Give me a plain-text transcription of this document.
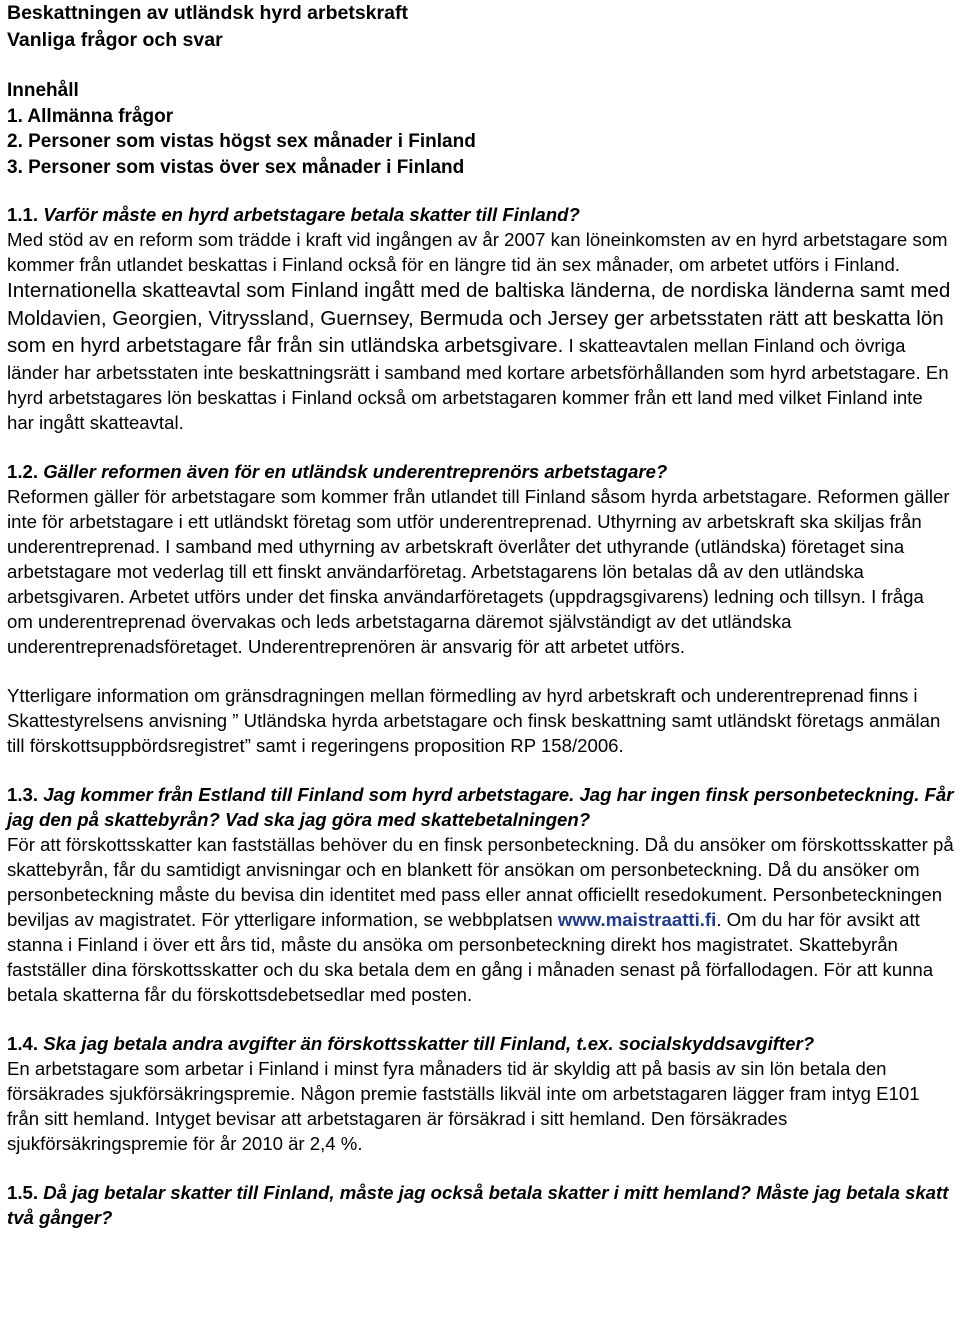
Beskattningen av utländsk hyrd arbetskraft
Vanliga frågor och svar
Innehåll
1. Allmänna frågor
2. Personer som vistas högst sex månader i Finland
3. Personer som vistas över sex månader i Finland

1.1. Varför måste en hyrd arbetstagare betala skatter till Finland?

Med stöd av en reform som trädde i kraft vid ingången av år 2007 kan löneinkomsten av en hyrd arbetstagare som kommer från utlandet beskattas i Finland också för en längre tid än sex månader, om arbetet utförs i Finland. Internationella skatteavtal som Finland ingått med de baltiska länderna, de nordiska länderna samt med Moldavien, Georgien, Vitryssland, Guernsey, Bermuda och Jersey ger arbetsstaten rätt att beskatta lön som en hyrd arbetstagare får från sin utländska arbetsgivare. I skatteavtalen mellan Finland och övriga länder har arbetsstaten inte beskattningsrätt i samband med kortare arbetsförhållanden som hyrd arbetstagare. En hyrd arbetstagares lön beskattas i Finland också om arbetstagaren kommer från ett land med vilket Finland inte har ingått skatteavtal.

1.2. Gäller reformen även för en utländsk underentreprenörs arbetstagare?

Reformen gäller för arbetstagare som kommer från utlandet till Finland såsom hyrda arbetstagare. Reformen gäller inte för arbetstagare i ett utländskt företag som utför underentreprenad. Uthyrning av arbetskraft ska skiljas från underentreprenad. I samband med uthyrning av arbetskraft överlåter det uthyrande (utländska) företaget sina arbetstagare mot vederlag till ett finskt användarföretag. Arbetstagarens lön betalas då av den utländska arbetsgivaren. Arbetet utförs under det finska användarföretagets (uppdragsgivarens) ledning och tillsyn. I fråga om underentreprenad övervakas och leds arbetstagarna däremot självständigt av det utländska underentreprenadsföretaget. Underentreprenören är ansvarig för att arbetet utförs.

Ytterligare information om gränsdragningen mellan förmedling av hyrd arbetskraft och underentreprenad finns i Skattestyrelsens anvisning ” Utländska hyrda arbetstagare och finsk beskattning samt utländskt företags anmälan till förskottsuppbördsregistret” samt i regeringens proposition RP 158/2006.

1.3. Jag kommer från Estland till Finland som hyrd arbetstagare. Jag har ingen finsk personbeteckning. Får jag den på skattebyrån? Vad ska jag göra med skattebetalningen?

För att förskottsskatter kan fastställas behöver du en finsk personbeteckning. Då du ansöker om förskottsskatter på skattebyrån, får du samtidigt anvisningar och en blankett för ansökan om personbeteckning. Då du ansöker om personbeteckning måste du bevisa din identitet med pass eller annat officiellt resedokument. Personbeteckningen beviljas av magistratet. För ytterligare information, se webbplatsen www.maistraatti.fi. Om du har för avsikt att stanna i Finland i över ett års tid, måste du ansöka om personbeteckning direkt hos magistratet. Skattebyrån fastställer dina förskottsskatter och du ska betala dem en gång i månaden senast på förfallodagen. För att kunna betala skatterna får du förskottsdebetsedlar med posten.

1.4. Ska jag betala andra avgifter än förskottsskatter till Finland, t.ex. socialskyddsavgifter?

En arbetstagare som arbetar i Finland i minst fyra månaders tid är skyldig att på basis av sin lön betala den försäkrades sjukförsäkringspremie. Någon premie fastställs likväl inte om arbetstagaren lägger fram intyg E101 från sitt hemland. Intyget bevisar att arbetstagaren är försäkrad i sitt hemland. Den försäkrades sjukförsäkringspremie för år 2010 är 2,4 %.

1.5. Då jag betalar skatter till Finland, måste jag också betala skatter i mitt hemland? Måste jag betala skatt två gånger?
